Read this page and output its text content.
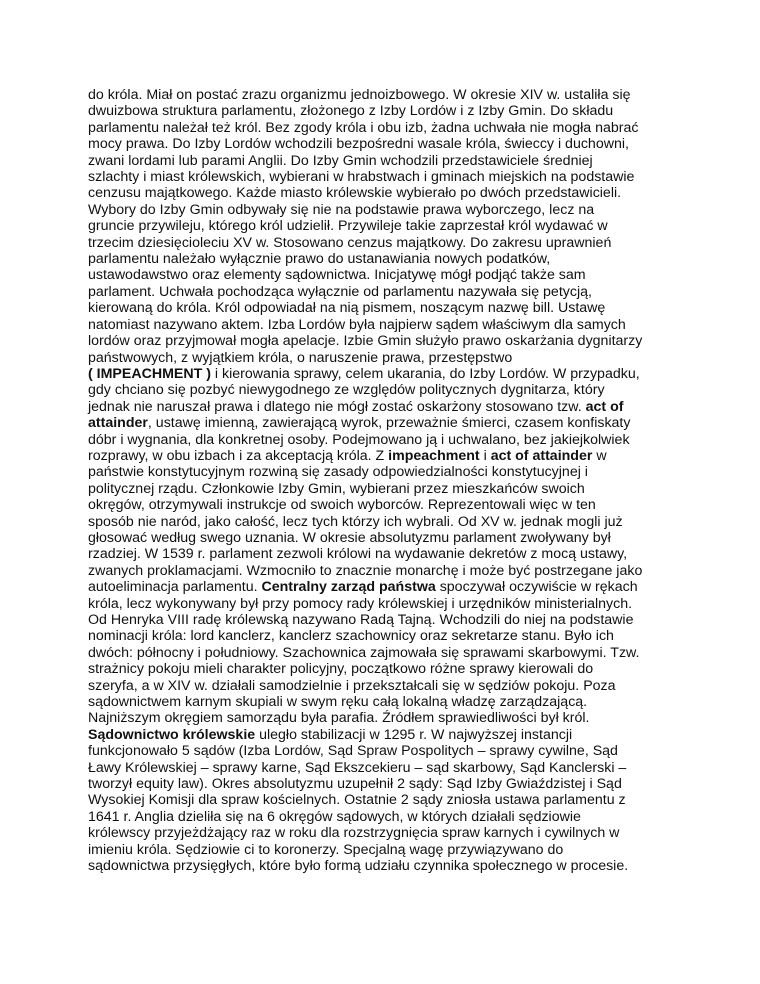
do króla. Miał on postać zrazu organizmu jednoizbowego. W okresie XIV w. ustaliła się
dwuizbowa struktura parlamentu, złożonego z Izby Lordów i z Izby Gmin. Do składu
parlamentu należał też król. Bez zgody króla i obu izb, żadna uchwała nie mogła nabrać
mocy prawa. Do Izby Lordów wchodzili bezpośredni wasale króla, świeccy i duchowni,
zwani lordami lub parami Anglii. Do Izby Gmin wchodzili przedstawiciele średniej
szlachty i miast królewskich, wybierani w hrabstwach i gminach miejskich na podstawie
cenzusu majątkowego. Każde miasto królewskie wybierało po dwóch przedstawicieli.
Wybory do Izby Gmin odbywały się nie na podstawie prawa wyborczego, lecz na
gruncie przywileju, którego król udzielił. Przywileje takie zaprzestał król wydawać w
trzecim dziesięcioleciu XV w. Stosowano cenzus majątkowy. Do zakresu uprawnień
parlamentu należało wyłącznie prawo do ustanawiania nowych podatków,
ustawodawstwo oraz elementy sądownictwa. Inicjatywę mógł podjąć także sam
parlament. Uchwała pochodząca wyłącznie od parlamentu nazywała się petycją,
kierowaną do króla. Król odpowiadał na nią pismem, noszącym nazwę bill. Ustawę
natomiast nazywano aktem. Izba Lordów była najpierw sądem właściwym dla samych
lordów oraz przyjmował mogła apelacje. Izbie Gmin służyło prawo oskarżania dygnitarzy
państwowych, z wyjątkiem króla, o naruszenie prawa, przestępstwo
( IMPEACHMENT ) i kierowania sprawy, celem ukarania, do Izby Lordów. W przypadku,
gdy chciano się pozbyć niewygodnego ze względów politycznych dygnitarza, który
jednak nie naruszał prawa i dlatego nie mógł zostać oskarżony stosowano tzw. act of
attainder, ustawę imienną, zawierającą wyrok, przeważnie śmierci, czasem konfiskaty
dóbr i wygnania, dla konkretnej osoby. Podejmowano ją i uchwalano, bez jakiejkolwiek
rozprawy, w obu izbach i za akceptacją króla. Z impeachment i act of attainder w
państwie konstytucyjnym rozwiną się zasady odpowiedzialności konstytucyjnej i
politycznej rządu. Członkowie Izby Gmin, wybierani przez mieszkańców swoich
okręgów, otrzymywali instrukcje od swoich wyborców. Reprezentowali więc w ten
sposób nie naród, jako całość, lecz tych którzy ich wybrali. Od XV w. jednak mogli już
głosować według swego uznania. W okresie absolutyzmu parlament zwoływany był
rzadziej. W 1539 r. parlament zezwoli królowi na wydawanie dekretów z mocą ustawy,
zwanych proklamacjami. Wzmocniło to znacznie monarchę i może być postrzegane jako
autoeliminacja parlamentu. Centralny zarząd państwa spoczywał oczywiście w rękach
króla, lecz wykonywany był przy pomocy rady królewskiej i urzędników ministerialnych.
Od Henryka VIII radę królewską nazywano Radą Tajną. Wchodzili do niej na podstawie
nominacji króla: lord kanclerz, kanclerz szachownicy oraz sekretarze stanu. Było ich
dwóch: północny i południowy. Szachownica zajmowała się sprawami skarbowymi. Tzw.
strażnicy pokoju mieli charakter policyjny, początkowo różne sprawy kierowali do
szeryfa, a w XIV w. działali samodzielnie i przekształcali się w sędziów pokoju. Poza
sądownictwem karnym skupiali w swym ręku całą lokalną władzę zarządzającą.
Najniższym okręgiem samorządu była parafia. Źródłem sprawiedliwości był król.
Sądownictwo królewskie uległo stabilizacji w 1295 r. W najwyższej instancji
funkcjonowało 5 sądów (Izba Lordów, Sąd Spraw Pospolitych – sprawy cywilne, Sąd
Ławy Królewskiej – sprawy karne, Sąd Ekszcekieru – sąd skarbowy, Sąd Kanclerski –
tworzył equity law). Okres absolutyzmu uzupełnił 2 sądy: Sąd Izby Gwiaździstej i Sąd
Wysokiej Komisji dla spraw kościelnych. Ostatnie 2 sądy zniosła ustawa parlamentu z
1641 r. Anglia dzieliła się na 6 okręgów sądowych, w których działali sędziowie
królewscy przyjeżdżający raz w roku dla rozstrzygnięcia spraw karnych i cywilnych w
imieniu króla. Sędziowie ci to koronerzy. Specjalną wagę przywiązywano do
sądownictwa przysięgłych, które było formą udziału czynnika społecznego w procesie.
